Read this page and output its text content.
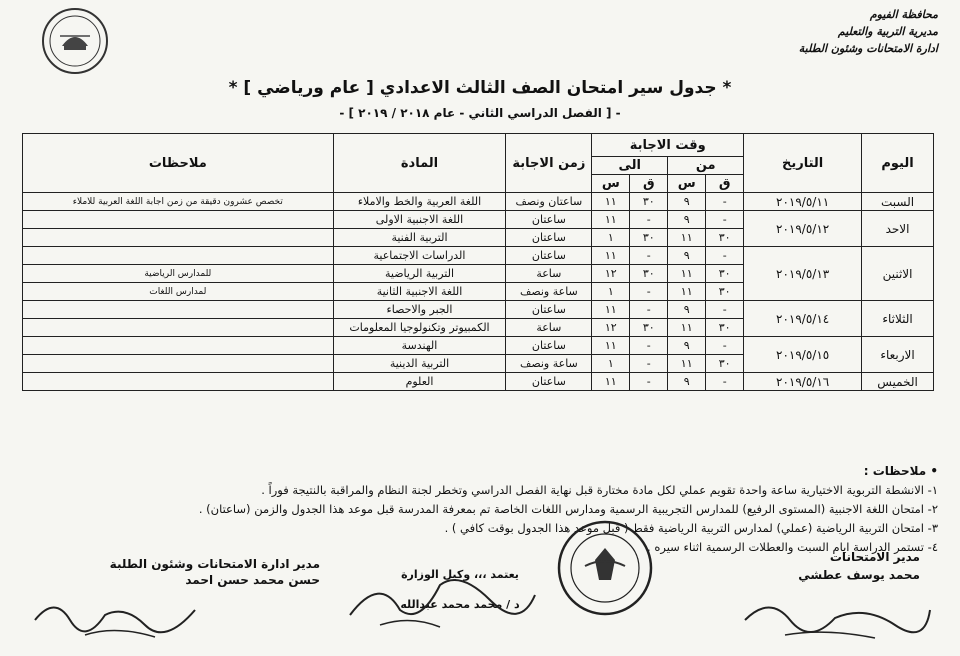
محافظة الفيوم
مديرية التربية والتعليم
ادارة الامتحانات وشئون الطلبة
* جدول سير امتحان الصف الثالث الاعدادي [ عام ورياضي ] *
- [ الفصل الدراسي الثاني - عام ٢٠١٨ / ٢٠١٩ ] -
اليوم	التاريخ	وقت الاجابة				زمن الاجابة	المادة	ملاحظات
		من		الى				
		ق	س	ق	س			
السبت	٢٠١٩/٥/١١	-	٩	٣٠	١١	ساعتان ونصف	اللغة العربية والخط والاملاء	تخصص عشرون دقيقة من زمن اجابة اللغة العربية للاملاء
الاحد	٢٠١٩/٥/١٢	-	٩	-	١١	ساعتان	اللغة الاجنبية الاولى	
		٣٠	١١	٣٠	١	ساعتان	التربية الفنية	
الاثنين	٢٠١٩/٥/١٣	-	٩	-	١١	ساعتان	الدراسات الاجتماعية	
		٣٠	١١	٣٠	١٢	ساعة	التربية الرياضية	للمدارس الرياضية
		٣٠	١١	-	١	ساعة ونصف	اللغة الاجنبية الثانية	لمدارس اللغات
الثلاثاء	٢٠١٩/٥/١٤	-	٩	-	١١	ساعتان	الجبر والاحصاء	
		٣٠	١١	٣٠	١٢	ساعة	الكمبيوتر وتكنولوجيا المعلومات	
الاربعاء	٢٠١٩/٥/١٥	-	٩	-	١١	ساعتان	الهندسة	
		٣٠	١١	-	١	ساعة ونصف	التربية الدينية	
الخميس	٢٠١٩/٥/١٦	-	٩	-	١١	ساعتان	العلوم	
• ملاحظات :
١- الانشطة التربوية الاختيارية ساعة واحدة تقويم عملي لكل مادة مختارة قبل نهاية الفصل الدراسي وتخطر لجنة النظام والمراقبة بالنتيجة فوراً .
٢- امتحان اللغة الاجنبية (المستوى الرفيع) للمدارس التجريبية الرسمية ومدارس اللغات الخاصة تم بمعرفة المدرسة قبل موعد هذا الجدول والزمن (ساعتان) .
٣- امتحان التربية الرياضية (عملي) لمدارس التربية الرياضية فقط ( قبل موعد هذا الجدول بوقت كافي ) .
٤- تستمر الدراسة ايام السبت والعطلات الرسمية اثناء سيره .
مدير ادارة الامتحانات وشئون الطلبة
حسن محمد حسن احمد	يعتمد ،،، وكيل الوزارة
د / محمد محمد عبدالله
مدير الامتحانات
محمد يوسف عطشي
